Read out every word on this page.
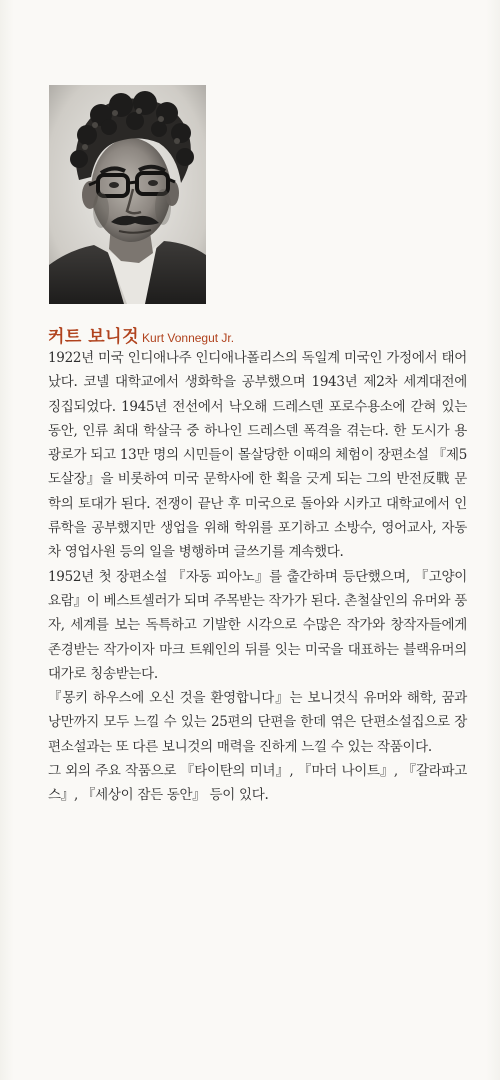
커트 보니것 Kurt Vonnegut Jr.

1922년 미국 인디애나주 인디애나폴리스의 독일계 미국인 가정에서 태어났다. 코넬 대학교에서 생화학을 공부했으며 1943년 제2차 세계대전에 징집되었다. 1945년 전선에서 낙오해 드레스덴 포로수용소에 갇혀 있는 동안, 인류 최대 학살극 중 하나인 드레스덴 폭격을 겪는다. 한 도시가 용광로가 되고 13만 명의 시민들이 몰살당한 이때의 체험이 장편소설 『제5도살장』을 비롯하여 미국 문학사에 한 획을 긋게 되는 그의 반전反戰 문학의 토대가 된다. 전쟁이 끝난 후 미국으로 돌아와 시카고 대학교에서 인류학을 공부했지만 생업을 위해 학위를 포기하고 소방수, 영어교사, 자동차 영업사원 등의 일을 병행하며 글쓰기를 계속했다.

1952년 첫 장편소설 『자동 피아노』를 출간하며 등단했으며, 『고양이 요람』이 베스트셀러가 되며 주목받는 작가가 된다. 촌철살인의 유머와 풍자, 세계를 보는 독특하고 기발한 시각으로 수많은 작가와 창작자들에게 존경받는 작가이자 마크 트웨인의 뒤를 잇는 미국을 대표하는 블랙유머의 대가로 칭송받는다.

『몽키 하우스에 오신 것을 환영합니다』는 보니것식 유머와 해학, 꿈과 낭만까지 모두 느낄 수 있는 25편의 단편을 한데 엮은 단편소설집으로 장편소설과는 또 다른 보니것의 매력을 진하게 느낄 수 있는 작품이다.

그 외의 주요 작품으로 『타이탄의 미녀』, 『마더 나이트』, 『갈라파고스』, 『세상이 잠든 동안』 등이 있다.
